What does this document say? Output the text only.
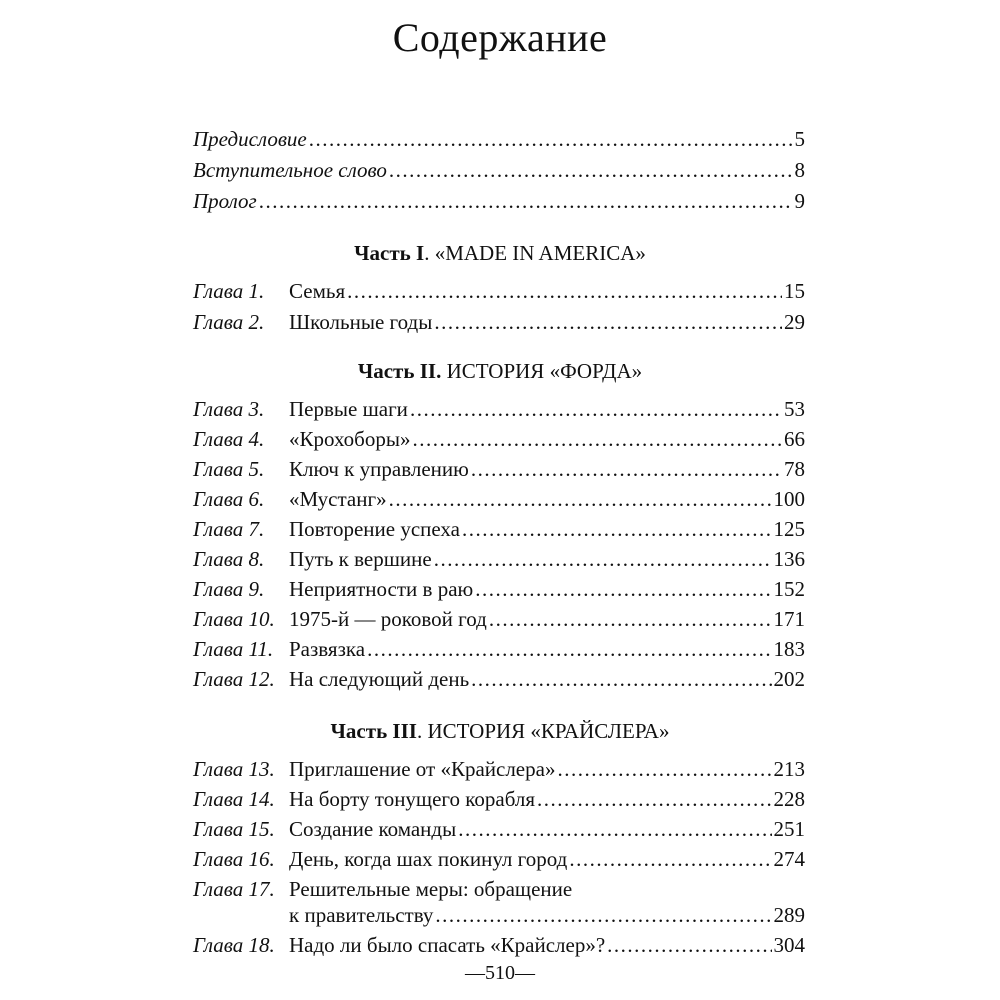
Содержание
Предисловие .....	5
Вступительное слово .....	8
Пролог .....	9
Часть I. «MADE IN AMERICA»
Глава 1.	Семья .....	15
Глава 2.	Школьные годы .....	29
Часть II. ИСТОРИЯ «ФОРДА»
Глава 3.	Первые шаги .....	53
Глава 4.	«Крохоборы» .....	66
Глава 5.	Ключ к управлению .....	78
Глава 6.	«Мустанг» .....	100
Глава 7.	Повторение успеха .....	125
Глава 8.	Путь к вершине .....	136
Глава 9.	Неприятности в раю .....	152
Глава 10. 1975-й — роковой год .....	171
Глава 11. Развязка .....	183
Глава 12. На следующий день .....	202
Часть III. ИСТОРИЯ «КРАЙСЛЕРА»
Глава 13. Приглашение от «Крайслера» .....	213
Глава 14. На борту тонущего корабля .....	228
Глава 15. Создание команды .....	251
Глава 16. День, когда шах покинул город .....	274
Глава 17. Решительные меры: обращение
к правительству .....	289
Глава 18. Надо ли было спасать «Крайслер»? .....	304
—510—
